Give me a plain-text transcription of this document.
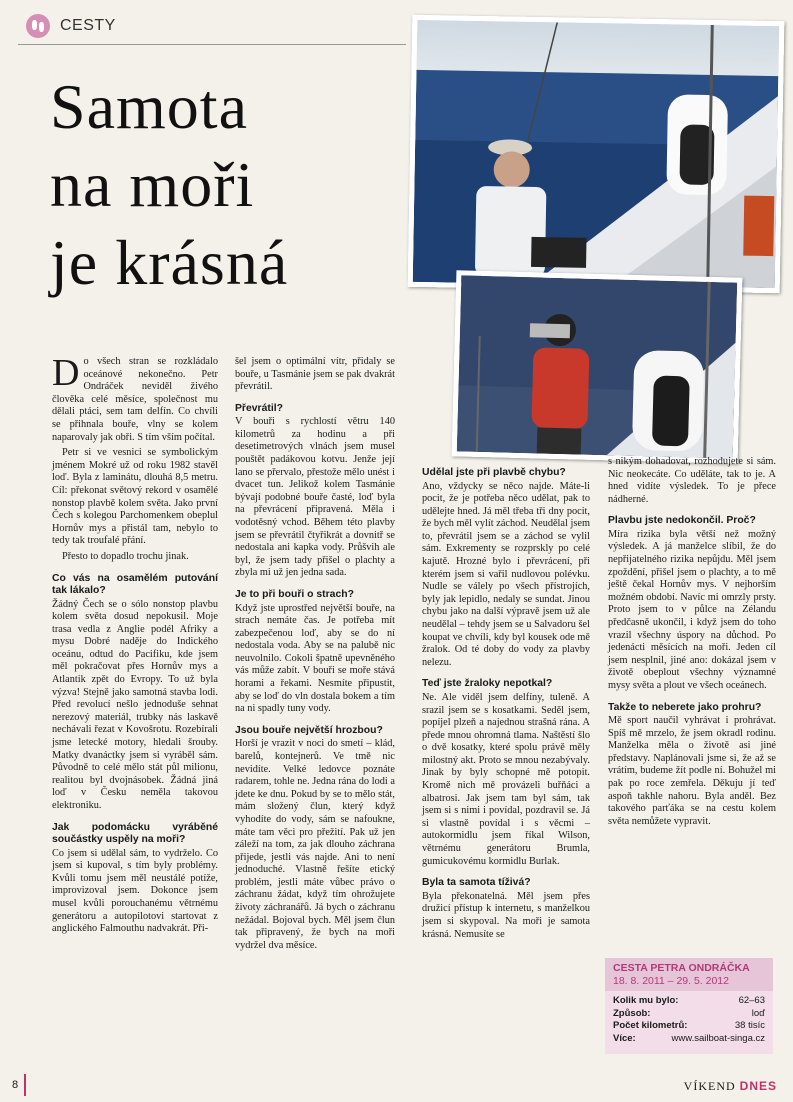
CESTY
Samota
na moři
je krásná

Do všech stran se rozkládalo oceánové nekonečno. Petr Ondráček neviděl živého člověka celé měsíce, společnost mu dělali ptáci, sem tam delfín. Co chvíli se přihnala bouře, vlny se kolem naparovaly jak obři. S tím vším počítal.

Petr si ve vesnici se symbolickým jménem Mokré už od roku 1982 stavěl loď. Byla z laminátu, dlouhá 8,5 metru. Cíl: překonat světový rekord v osamělé nonstop plavbě kolem světa. Jako první Čech s kolegou Parchomenkem obeplul Hornův mys a přistál tam, nebylo to tedy tak troufalé přání.

Přesto to dopadlo trochu jinak.

Co vás na osamělém putování tak lákalo?

Žádný Čech se o sólo nonstop plavbu kolem světa dosud nepokusil. Moje trasa vedla z Anglie podél Afriky a mysu Dobré naděje do Indického oceánu, odtud do Pacifiku, kde jsem měl pokračovat přes Hornův mys a Atlantik zpět do Evropy. To už byla výzva! Stejně jako samotná stavba lodi. Před revolucí nešlo jednoduše sehnat nerezový materiál, trubky nás laskavě nechávali řezat v Kovošrotu. Rozebírali jsme letecké motory, hledali šrouby. Matky dvanáctky jsem si vyráběl sám. Původně to celé mělo stát půl milionu, realitou byl dvojnásobek. Žádná jiná loď v Česku neměla takovou elektroniku.

Jak podomácku vyráběné součástky uspěly na moři?

Co jsem si udělal sám, to vydrželo. Co jsem si kupoval, s tím byly problémy. Kvůli tomu jsem měl neustálé potíže, improvizoval jsem. Dokonce jsem musel kvůli porouchanému větrnému generátoru a autopilotovi startovat z anglického Falmouthu nadvakrát. Při-

šel jsem o optimální vítr, přidaly se bouře, u Tasmánie jsem se pak dvakrát převrátil.

Převrátil?

V bouři s rychlostí větru 140 kilometrů za hodinu a při desetimetrových vlnách jsem musel pouštět padákovou kotvu. Jenže její lano se přervalo, přestože mělo unést i dvacet tun. Jelikož kolem Tasmánie bývají podobné bouře časté, loď byla na převrácení připravená. Měla i vodotěsný vchod. Během této plavby jsem se převrátil čtyřikrát a dovnitř se nedostala ani kapka vody. Průšvih ale byl, že jsem tady přišel o plachty a zbyla mi už jen jedna sada.

Je to při bouři o strach?

Když jste uprostřed největší bouře, na strach nemáte čas. Je potřeba mít zabezpečenou loď, aby se do ní nedostala voda. Aby se na palubě nic neuvolnilo. Cokoli špatně upevněného vás může zabít. V bouři se moře stává horami a řekami. Nesmíte připustit, aby se loď do vln dostala bokem a tím na ni spadly tuny vody.

Jsou bouře největší hrozbou?

Horší je vrazit v noci do smetí – klád, barelů, kontejnerů. Ve tmě nic nevidíte. Velké ledovce poznáte radarem, tohle ne. Jedna rána do lodi a jdete ke dnu. Pokud by se to mělo stát, mám složený člun, který když vyhodíte do vody, sám se nafoukne, máte tam věci pro přežití. Pak už jen záleží na tom, za jak dlouho záchrana přijede, jestli vás najde. Ani to není jednoduché. Vlastně řešíte etický problém, jestli máte vůbec právo o záchranu žádat, když tím ohrožujete životy záchranářů. Já bych o záchranu nežádal. Bojoval bych. Měl jsem člun tak připravený, že bych na moři vydržel dva měsíce.

Udělal jste při plavbě chybu?

Ano, vždycky se něco najde. Máte-li pocit, že je potřeba něco udělat, pak to udělejte hned. Já měl třeba tři dny pocit, že bych měl vylít záchod. Neudělal jsem to, převrátil jsem se a záchod se vylil sám. Exkrementy se rozprskly po celé kajutě. Hrozné bylo i převrácení, při kterém jsem si vařil nudlovou polévku. Nudle se válely po všech přístrojích, byly jak lepidlo, nedaly se sundat. Jinou chybu jako na další výpravě jsem už ale neudělal – tehdy jsem se u Salvadoru šel koupat ve chvíli, kdy byl kousek ode mě žralok. Od té doby do vody za plavby nelezu.

Teď jste žraloky nepotkal?

Ne. Ale viděl jsem delfíny, tuleně. A srazil jsem se s kosatkami. Seděl jsem, popíjel plzeň a najednou strašná rána. A přede mnou ohromná tlama. Naštěstí šlo o dvě kosatky, které spolu právě měly milostný akt. Proto se mnou nezabývaly. Jinak by byly schopné mě potopit. Kromě nich mě provázeli buřňáci a albatrosi. Jak jsem tam byl sám, tak jsem si s nimi i povídal, pozdravil se. Já si vlastně povídal i s věcmi – autokormidlu jsem říkal Wilson, větrnému generátoru Brumla, gumicukovému kormidlu Burlak.

Byla ta samota tíživá?

Byla překonatelná. Měl jsem přes družicí přístup k internetu, s manželkou jsem si skypoval. Na moři je samota krásná. Nemusíte se

s nikým dohadovat, rozhodujete si sám. Nic neokecáte. Co uděláte, tak to je. A hned vidíte výsledek. To je přece nádherné.

Plavbu jste nedokončil. Proč?

Míra rizika byla větší než možný výsledek. A já manželce slíbil, že do nepřijatelného rizika nepůjdu. Měl jsem zpoždění, přišel jsem o plachty, a to mě ještě čekal Hornův mys. V nejhorším možném období. Navíc mi omrzly prsty. Proto jsem to v půlce na Zélandu předčasně ukončil, i když jsem do toho vrazil všechny úspory na důchod. Po jedenácti měsících na moři. Jeden cíl jsem nesplnil, jiné ano: dokázal jsem v životě obeplout všechny významné mysy světa a plout ve všech oceánech.

Takže to neberete jako prohru?

Mě sport naučil vyhrávat i prohrávat. Spíš mě mrzelo, že jsem okradl rodinu. Manželka měla o životě asi jiné představy. Naplánovali jsme si, že až se vrátím, budeme žít podle ní. Bohužel mi pak po roce zemřela. Děkuju jí teď aspoň takhle nahoru. Byla anděl. Bez takového parťáka se na cestu kolem světa nemůžete vypravit.

CESTA PETRA ONDRÁČKA
18. 8. 2011 – 29. 5. 2012
Kolik mu bylo:	62–63
Způsob:	loď
Počet kilometrů:	38 tisíc
Více:	www.sailboat-singa.cz
8	VÍKEND DNES
